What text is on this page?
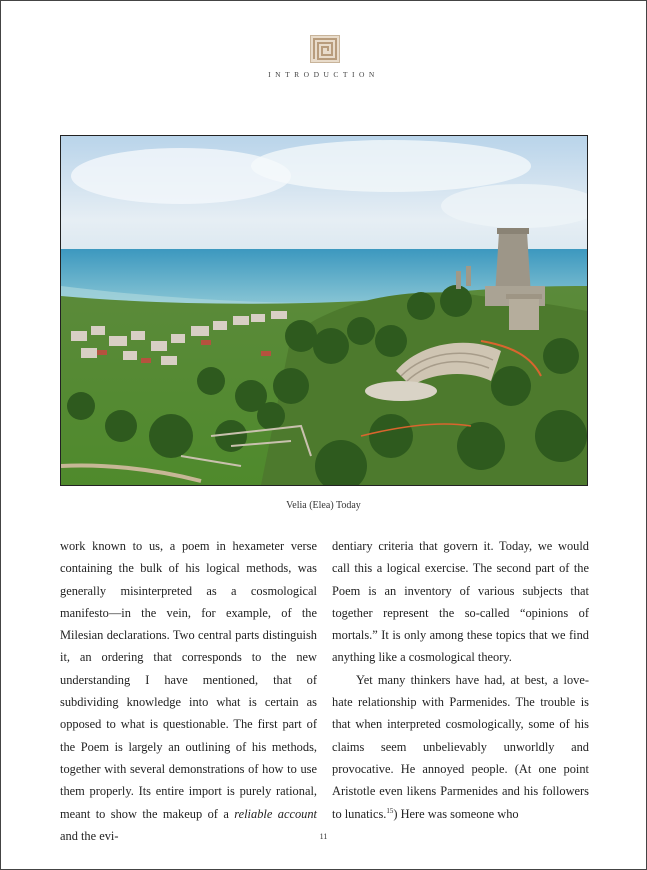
INTRODUCTION
Velia (Elea) Today

work known to us, a poem in hexameter verse containing the bulk of his logical methods, was generally misinterpreted as a cosmological manifesto—in the vein, for example, of the Milesian declarations. Two central parts distinguish it, an ordering that corresponds to the new understanding I have mentioned, that of subdividing knowledge into what is certain as opposed to what is questionable. The first part of the Poem is largely an outlining of his methods, together with several demonstrations of how to use them properly. Its entire import is purely rational, meant to show the makeup of a reliable account and the evi-

dentiary criteria that govern it. Today, we would call this a logical exercise. The second part of the Poem is an inventory of various subjects that together represent the so-called “opinions of mortals.” It is only among these topics that we find anything like a cosmological theory.

Yet many thinkers have had, at best, a love-hate relationship with Parmenides. The trouble is that when interpreted cosmologically, some of his claims seem unbelievably unworldly and provocative. He annoyed people. (At one point Aristotle even likens Parmenides and his followers to lunatics.$^{15}$) Here was someone who

11
